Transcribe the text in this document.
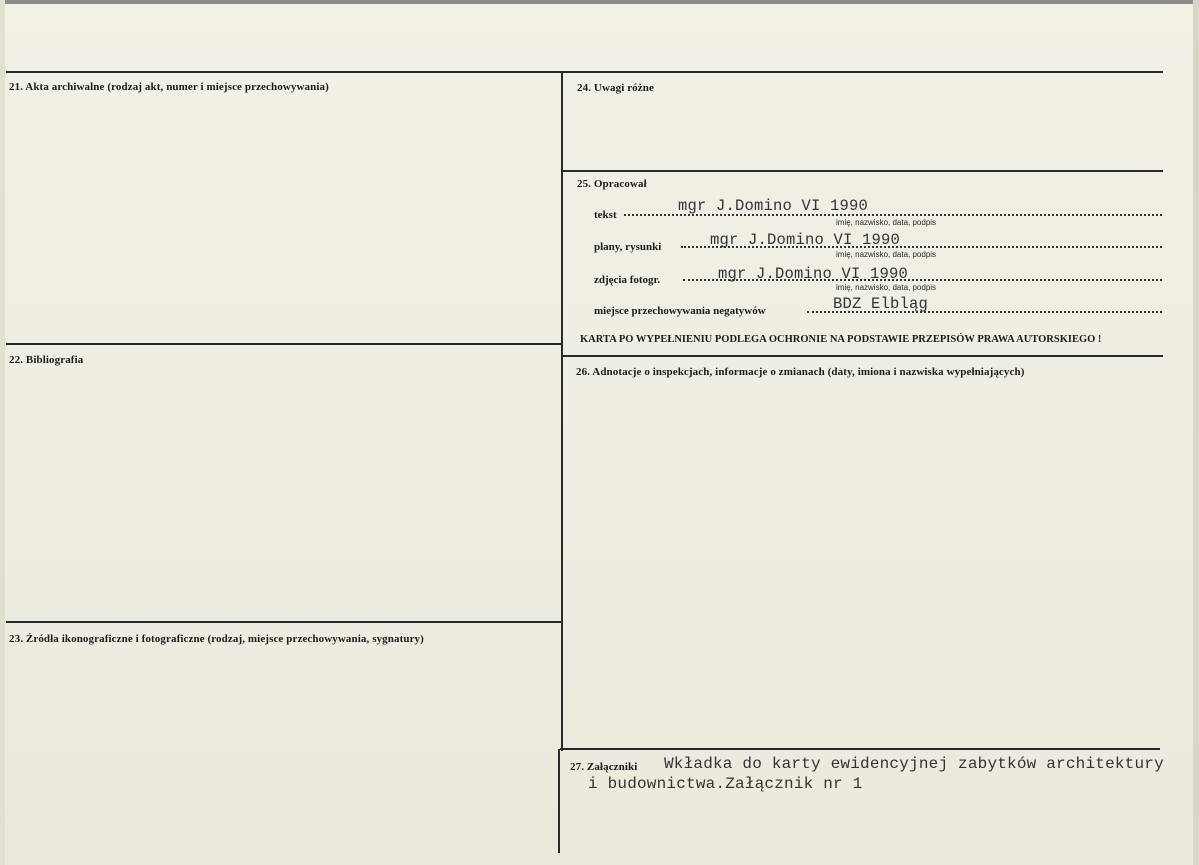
21. Akta archiwalne (rodzaj akt, numer i miejsce przechowywania)
22. Bibliografia
23. Źródła ikonograficzne i fotograficzne (rodzaj, miejsce przechowywania, sygnatury)
24. Uwagi różne
25. Opracował
26. Adnotacje o inspekcjach, informacje o zmianach (daty, imiona i nazwiska wypełniających)
27. Załączniki
tekst	mgr J.Domino VI 1990
imię, nazwisko, data, podpis
plany, rysunki	mgr J.Domino VI 1990
imię, nazwisko, data, podpis
zdjęcia fotogr.	mgr J.Domino VI 1990
imię, nazwisko, data, podpis
miejsce przechowywania negatywów	BDZ Elbląg
KARTA PO WYPEŁNIENIU PODLEGA OCHRONIE NA PODSTAWIE PRZEPISÓW PRAWA AUTORSKIEGO !
Wkładka do karty ewidencyjnej zabytków architektury
i budownictwa.Załącznik nr 1
